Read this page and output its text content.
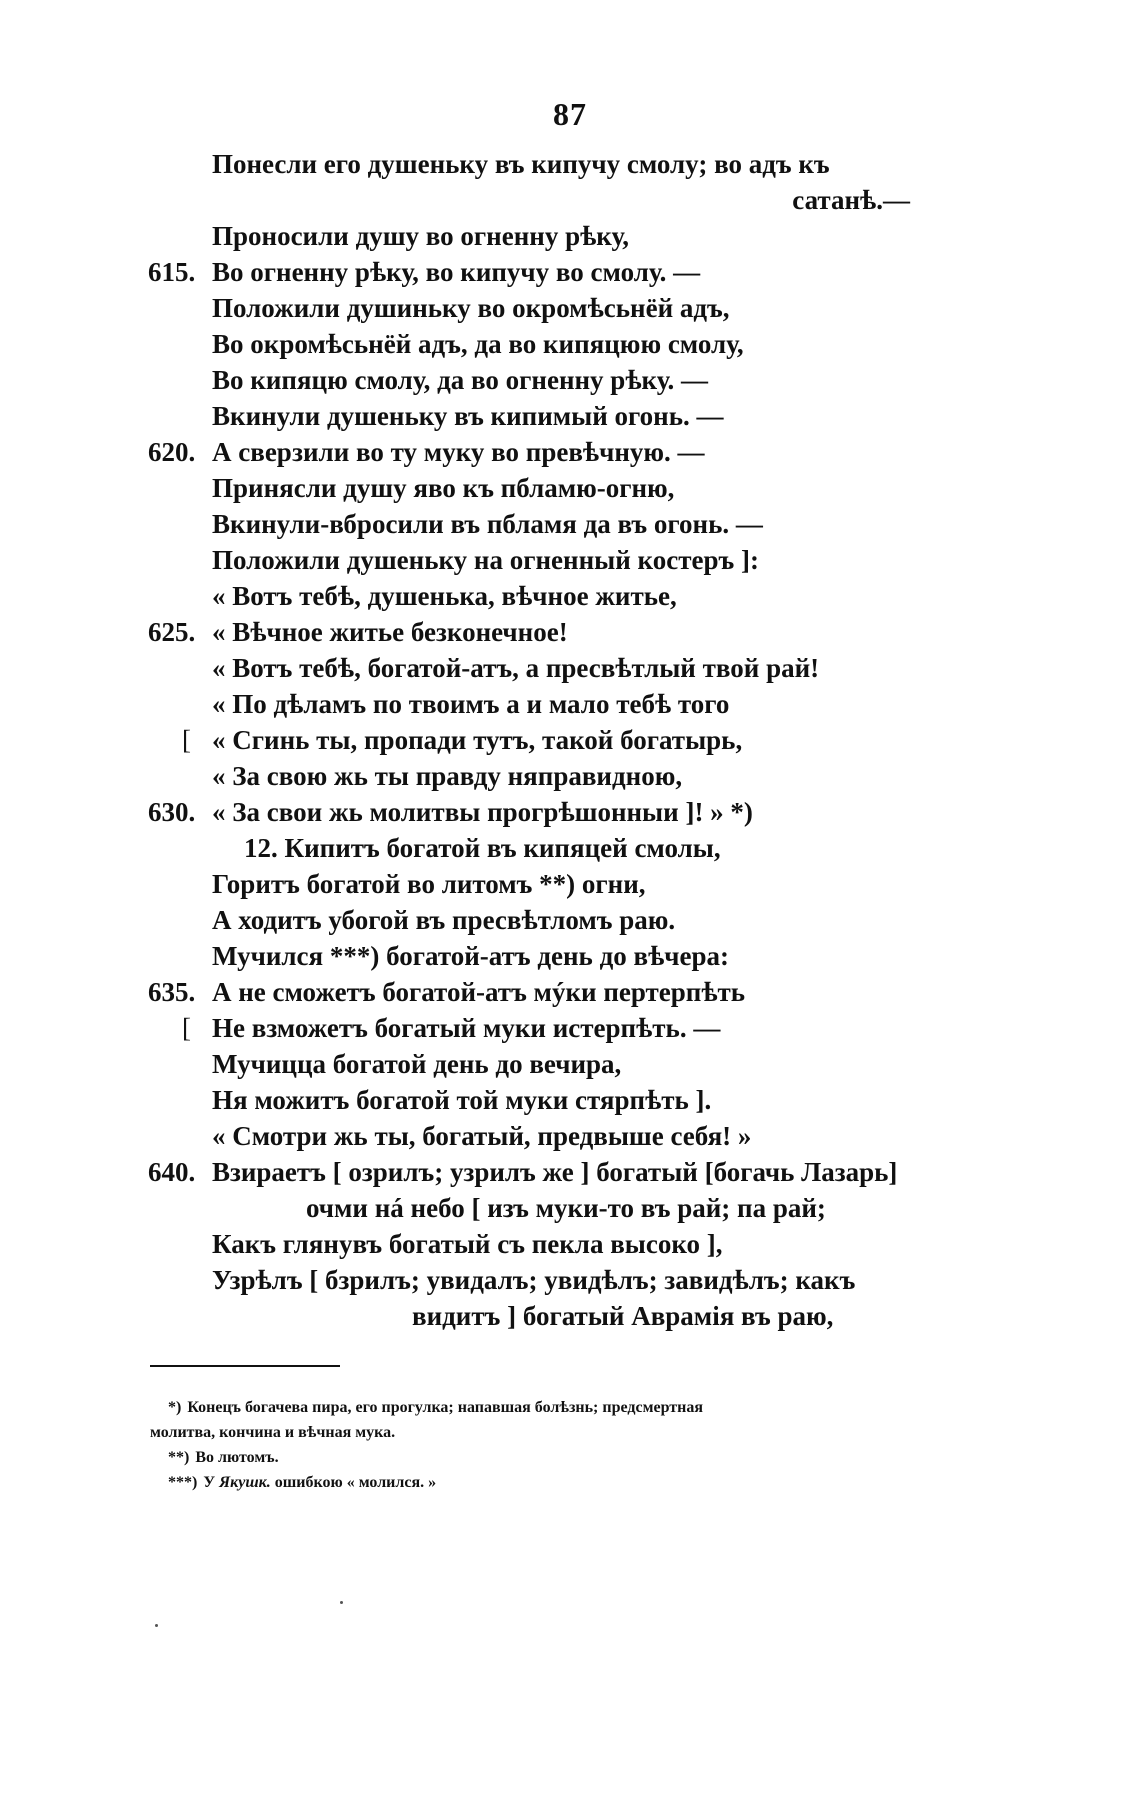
87
Понесли его душеньку въ кипучу смолу; во адъ къ
сатанѣ.—
Проносили душу во огненну рѣку,
615. Во огненну рѣку, во кипучу во смолу. —
Положили душиньку во окромѣсьнёй адъ,
Во окромѣсьнёй адъ, да во кипяцюю смолу,
Во кипяцю смолу, да во огненну рѣку. —
Вкинули душеньку въ кипимый огонь. —
620. А сверзили во ту муку во превѣчную. —
Принясли душу яво къ пбламю-огню,
Вкинули-вбросили въ пбламя да въ огонь. —
Положили душеньку на огненный костеръ ]:
« Вотъ тебѣ, душенька, вѣчное житье,
625. « Вѣчное житье безконечное!
« Вотъ тебѣ, богатой-атъ, а пресвѣтлый твой рай!
« По дѣламъ по твоимъ а и мало тебѣ того
[ « Сгинь ты, пропади тутъ, такой богатырь,
« За свою жь ты правду няправидною,
630. « За свои жь молитвы прогрѣшонныи ]! » *)
12. Кипитъ богатой въ кипяцей смолы,
Горитъ богатой во литомъ **) огни,
А ходитъ убогой въ пресвѣтломъ раю.
Мучился ***) богатой-атъ день до вѣчера:
635. А не сможетъ богатой-атъ мýки пертерпѣть
[ Не взможетъ богатый муки истерпѣть. —
Мучицца богатой день до вечира,
Ня можитъ богатой той муки стярпѣть ].
« Смотри жь ты, богатый, предвыше себя! »
640. Взираетъ [ озрилъ; узрилъ же ] богатый [богачь Лазарь]
очми нá небо [ изъ муки-то въ рай; па рай;
Какъ глянувъ богатый съ пекла высоко ],
Узрѣлъ [ бзрилъ; увидалъ; увидѣлъ; завидѣлъ; какъ
видитъ ] богатый Аврамія въ раю,
*) Конецъ богачева пира, его прогулка; напавшая болѣзнь; предсмертная
молитва, кончина и вѣчная мука.
**) Во лютомъ.
***) У Якушк. ошибкою « молился. »
